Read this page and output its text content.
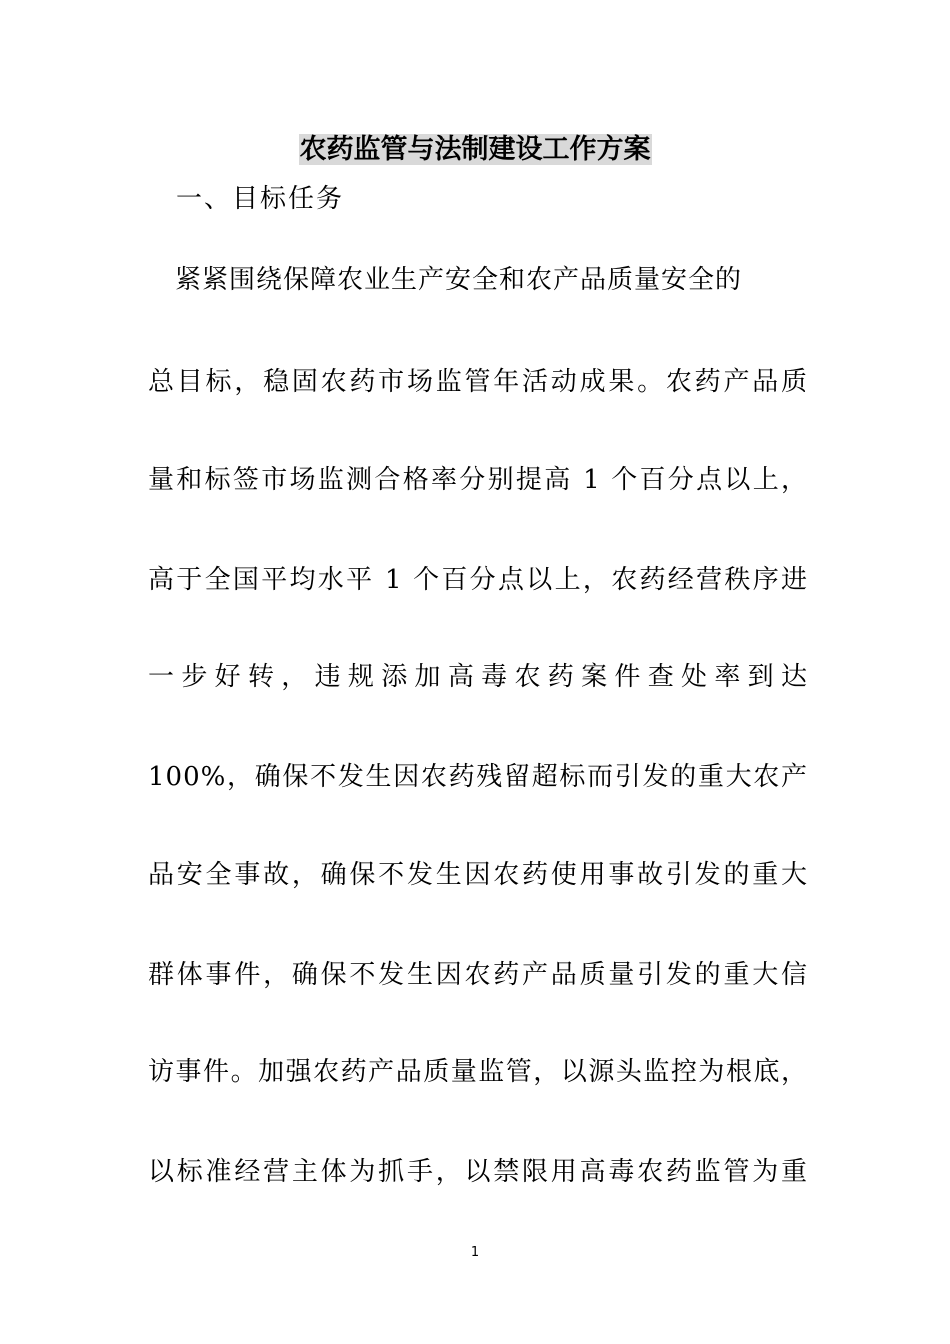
农药监管与法制建设工作方案
一、目标任务
　紧紧围绕保障农业生产安全和农产品质量安全的
总目标，稳固农药市场监管年活动成果。农药产品质
量和标签市场监测合格率分别提高 1 个百分点以上，
高于全国平均水平 1 个百分点以上，农药经营秩序进
一步好转，违规添加高毒农药案件查处率到达
100%，确保不发生因农药残留超标而引发的重大农产
品安全事故，确保不发生因农药使用事故引发的重大
群体事件，确保不发生因农药产品质量引发的重大信
访事件。加强农药产品质量监管，以源头监控为根底，
以标准经营主体为抓手，以禁限用高毒农药监管为重
1
